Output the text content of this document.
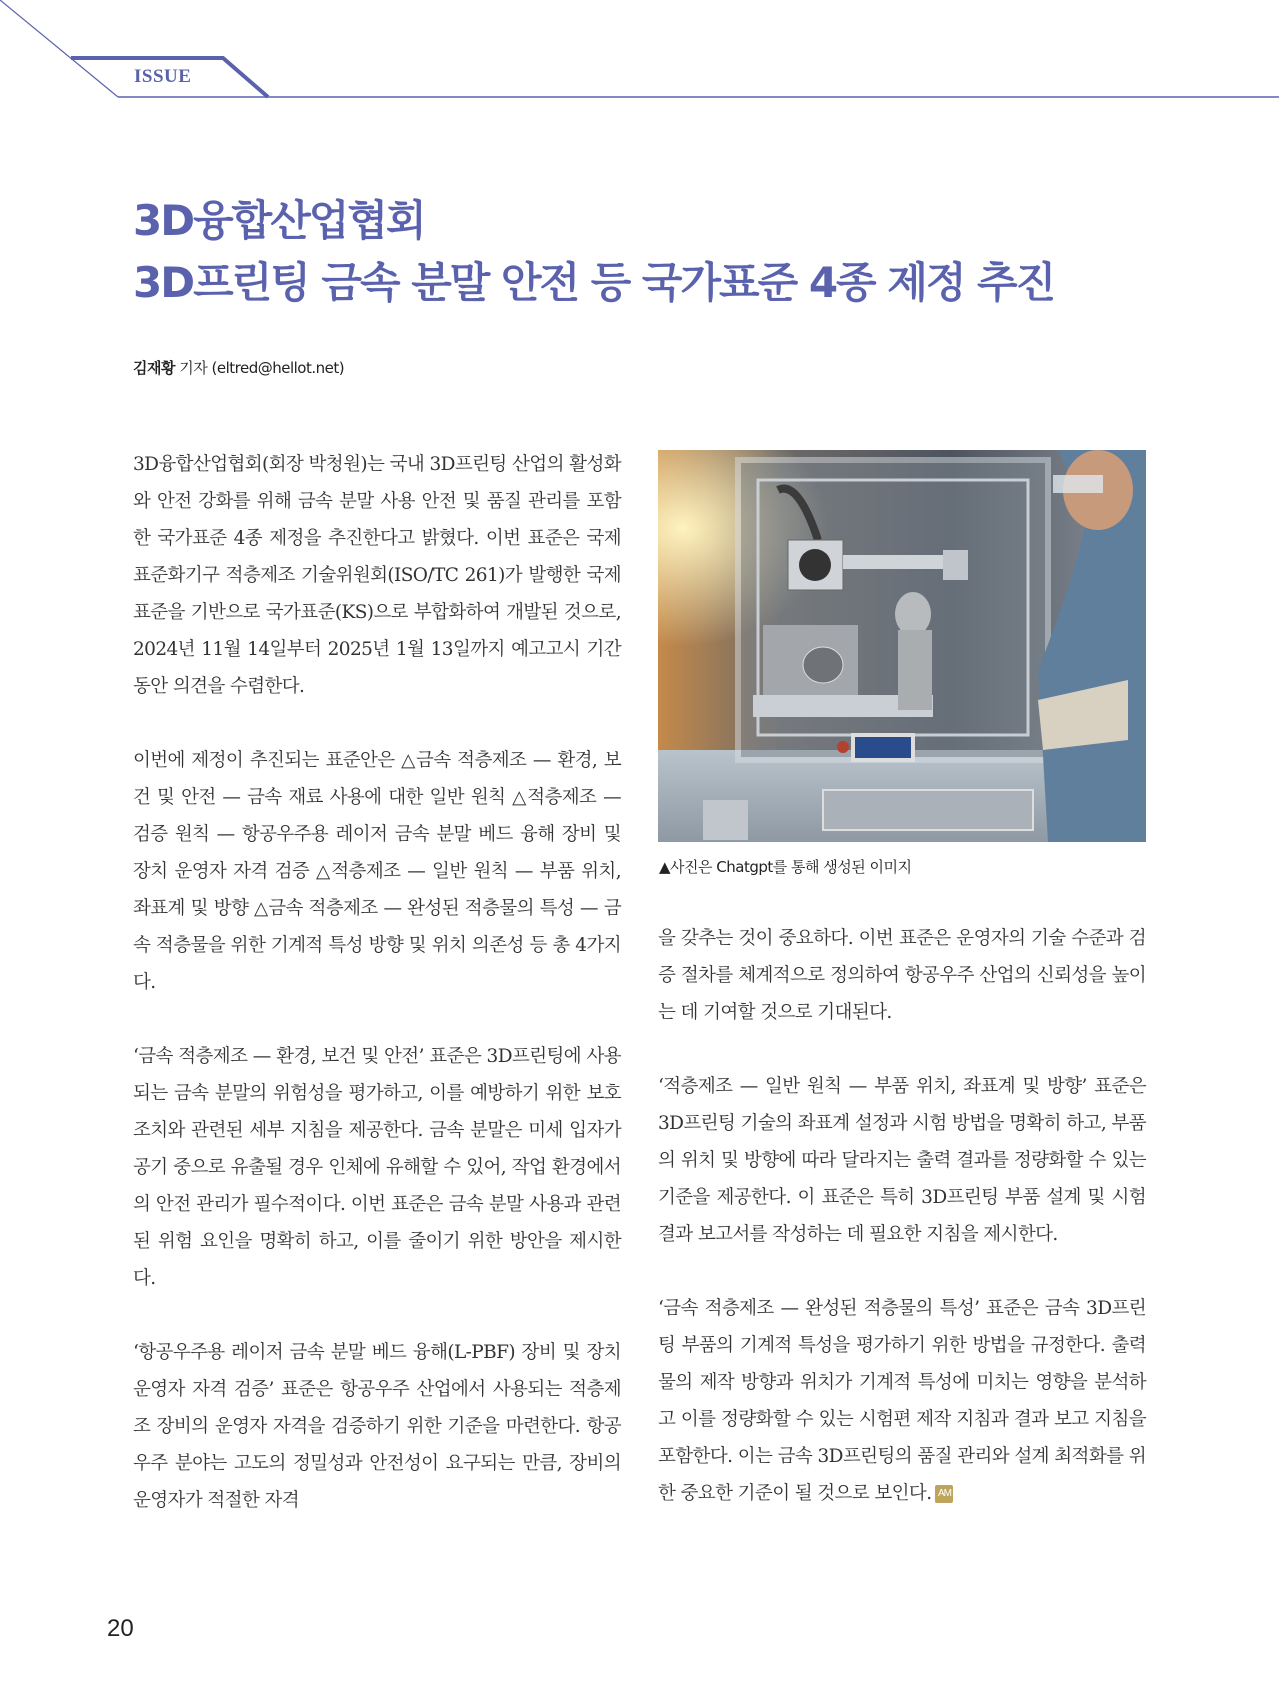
ISSUE
3D융합산업협회
3D프린팅 금속 분말 안전 등 국가표준 4종 제정 추진
김재황 기자 (eltred@hellot.net)

3D융합산업협회(회장 박청원)는 국내 3D프린팅 산업의 활성화와 안전 강화를 위해 금속 분말 사용 안전 및 품질 관리를 포함한 국가표준 4종 제정을 추진한다고 밝혔다. 이번 표준은 국제표준화기구 적층제조 기술위원회(ISO/TC 261)가 발행한 국제표준을 기반으로 국가표준(KS)으로 부합화하여 개발된 것으로, 2024년 11월 14일부터 2025년 1월 13일까지 예고고시 기간 동안 의견을 수렴한다.

이번에 제정이 추진되는 표준안은 △금속 적층제조 — 환경, 보건 및 안전 — 금속 재료 사용에 대한 일반 원칙 △적층제조 — 검증 원칙 — 항공우주용 레이저 금속 분말 베드 융해 장비 및 장치 운영자 자격 검증 △적층제조 — 일반 원칙 — 부품 위치, 좌표계 및 방향 △금속 적층제조 — 완성된 적층물의 특성 — 금속 적층물을 위한 기계적 특성 방향 및 위치 의존성 등 총 4가지다.

‘금속 적층제조 — 환경, 보건 및 안전’ 표준은 3D프린팅에 사용되는 금속 분말의 위험성을 평가하고, 이를 예방하기 위한 보호 조치와 관련된 세부 지침을 제공한다. 금속 분말은 미세 입자가 공기 중으로 유출될 경우 인체에 유해할 수 있어, 작업 환경에서의 안전 관리가 필수적이다. 이번 표준은 금속 분말 사용과 관련된 위험 요인을 명확히 하고, 이를 줄이기 위한 방안을 제시한다.

‘항공우주용 레이저 금속 분말 베드 융해(L-PBF) 장비 및 장치 운영자 자격 검증’ 표준은 항공우주 산업에서 사용되는 적층제조 장비의 운영자 자격을 검증하기 위한 기준을 마련한다. 항공우주 분야는 고도의 정밀성과 안전성이 요구되는 만큼, 장비의 운영자가 적절한 자격

▲사진은 Chatgpt를 통해 생성된 이미지

을 갖추는 것이 중요하다. 이번 표준은 운영자의 기술 수준과 검증 절차를 체계적으로 정의하여 항공우주 산업의 신뢰성을 높이는 데 기여할 것으로 기대된다.

‘적층제조 — 일반 원칙 — 부품 위치, 좌표계 및 방향’ 표준은 3D프린팅 기술의 좌표계 설정과 시험 방법을 명확히 하고, 부품의 위치 및 방향에 따라 달라지는 출력 결과를 정량화할 수 있는 기준을 제공한다. 이 표준은 특히 3D프린팅 부품 설계 및 시험 결과 보고서를 작성하는 데 필요한 지침을 제시한다.

‘금속 적층제조 — 완성된 적층물의 특성’ 표준은 금속 3D프린팅 부품의 기계적 특성을 평가하기 위한 방법을 규정한다. 출력물의 제작 방향과 위치가 기계적 특성에 미치는 영향을 분석하고 이를 정량화할 수 있는 시험편 제작 지침과 결과 보고 지침을 포함한다. 이는 금속 3D프린팅의 품질 관리와 설계 최적화를 위한 중요한 기준이 될 것으로 보인다. AM

20
